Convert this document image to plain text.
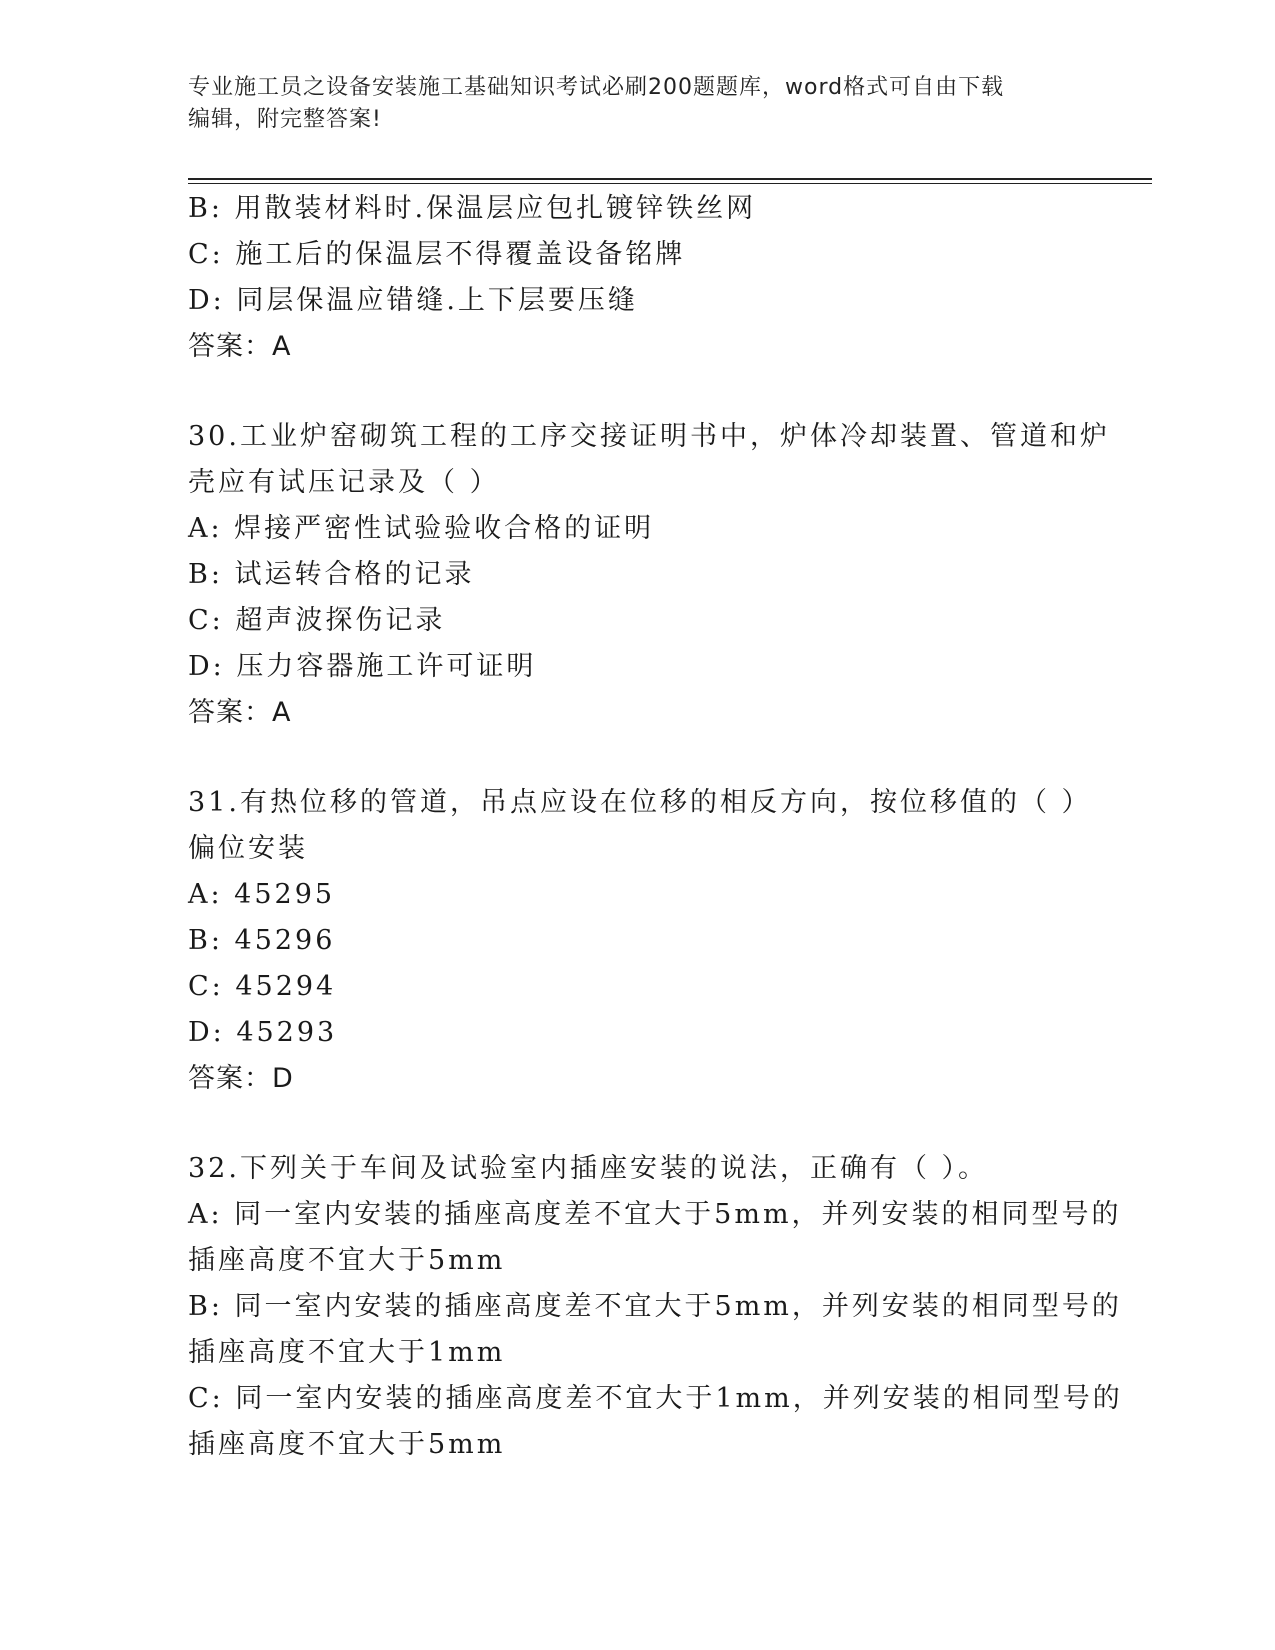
专业施工员之设备安装施工基础知识考试必刷200题题库，word格式可自由下载
编辑，附完整答案!
B: 用散装材料时.保温层应包扎镀锌铁丝网
C: 施工后的保温层不得覆盖设备铭牌
D: 同层保温应错缝.上下层要压缝
答案：A
30.工业炉窑砌筑工程的工序交接证明书中，炉体冷却装置、管道和炉
壳应有试压记录及（ ）
A: 焊接严密性试验验收合格的证明
B: 试运转合格的记录
C: 超声波探伤记录
D: 压力容器施工许可证明
答案：A
31.有热位移的管道，吊点应设在位移的相反方向，按位移值的（ ）
偏位安装
A: 45295
B: 45296
C: 45294
D: 45293
答案：D
32.下列关于车间及试验室内插座安装的说法，正确有（ ）。
A: 同一室内安装的插座高度差不宜大于5mm，并列安装的相同型号的
插座高度不宜大于5mm
B: 同一室内安装的插座高度差不宜大于5mm，并列安装的相同型号的
插座高度不宜大于1mm
C: 同一室内安装的插座高度差不宜大于1mm，并列安装的相同型号的
插座高度不宜大于5mm
